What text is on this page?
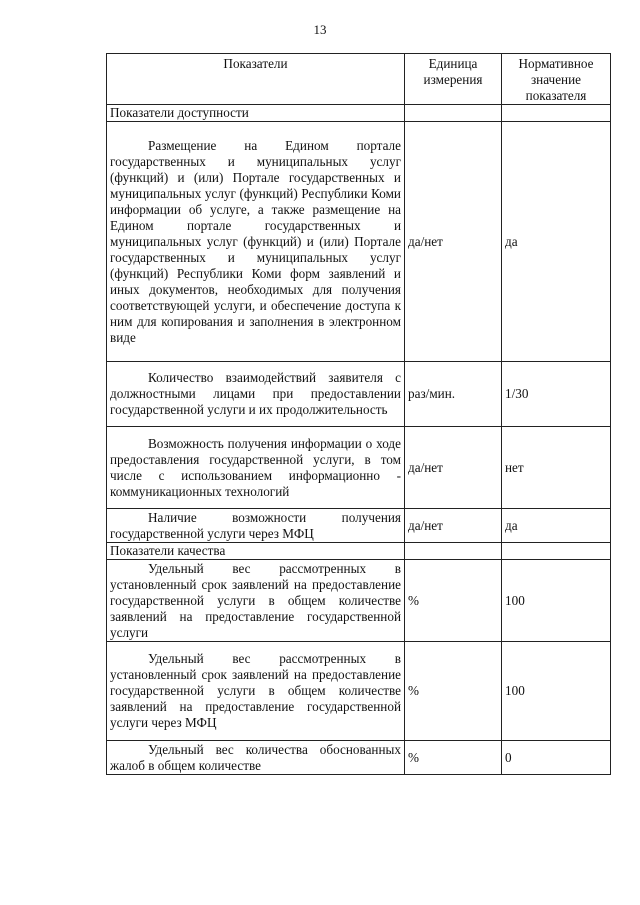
13
Показатели	Единица измерения	Нормативное значение показателя
Показатели доступности		

Размещение на Едином портале государственных и муниципальных услуг (функций) и (или) Портале государственных и муниципальных услуг (функций) Республики Коми информации об услуге, а также размещение на Едином портале государственных и муниципальных услуг (функций) и (или) Портале государственных и муниципальных услуг (функций) Республики Коми форм заявлений и иных документов, необходимых для получения соответствующей услуги, и обеспечение доступа к ним для копирования и заполнения в электронном виде	да/нет	да

Количество взаимодействий заявителя с должностными лицами при предоставлении государственной услуги и их продолжительность	раз/мин.	1/30

Возможность получения информации о ходе предоставления государственной услуги, в том числе с использованием информационно - коммуникационных технологий	да/нет	нет

Наличие возможности получения государственной услуги через МФЦ	да/нет	да
Показатели качества		

Удельный вес рассмотренных в установленный срок заявлений на предоставление государственной услуги в общем количестве заявлений на предоставление государственной услуги	%	100

Удельный вес рассмотренных в установленный срок заявлений на предоставление государственной услуги в общем количестве заявлений на предоставление государственной услуги через МФЦ	%	100

Удельный вес количества обоснованных жалоб в общем количестве	%	0
